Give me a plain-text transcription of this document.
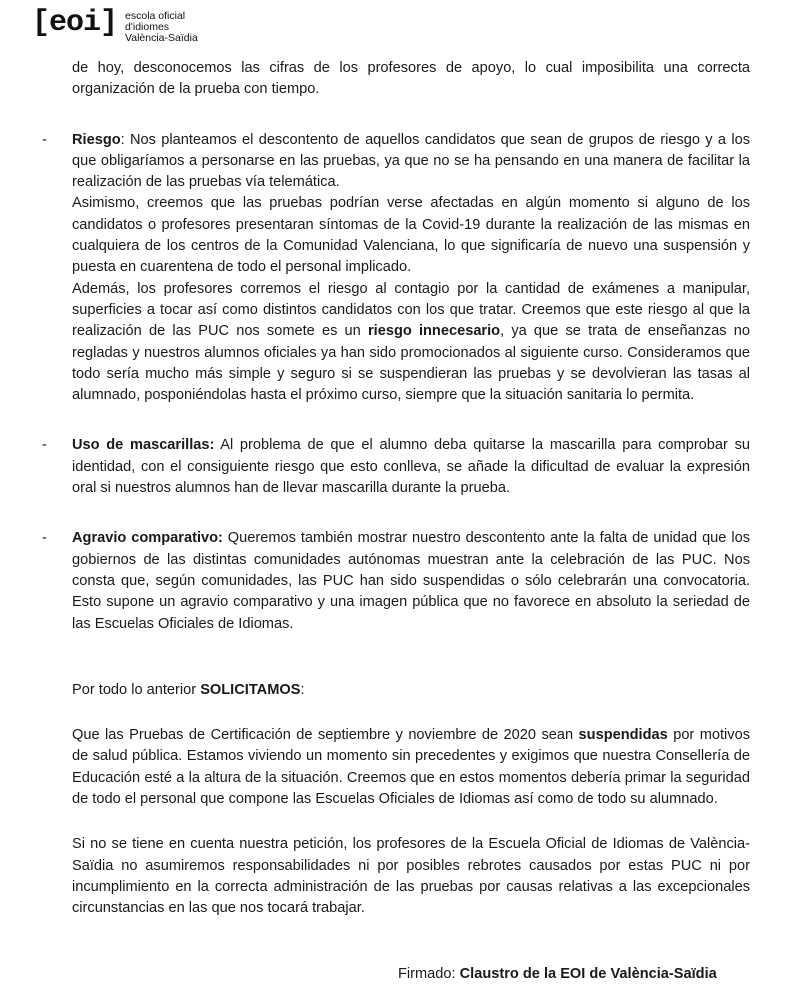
[eoi] escola oficial
d'idiomes
València-Saïdia

de hoy, desconocemos las cifras de los profesores de apoyo, lo cual imposibilita una correcta organización de la prueba con tiempo.

- Riesgo: Nos planteamos el descontento de aquellos candidatos que sean de grupos de riesgo y a los que obligaríamos a personarse en las pruebas, ya que no se ha pensando en una manera de facilitar la realización de las pruebas vía telemática.

Asimismo, creemos que las pruebas podrían verse afectadas en algún momento si alguno de los candidatos o profesores presentaran síntomas de la Covid-19 durante la realización de las mismas en cualquiera de los centros de la Comunidad Valenciana, lo que significaría de nuevo una suspensión y puesta en cuarentena de todo el personal implicado.

Además, los profesores corremos el riesgo al contagio por la cantidad de exámenes a manipular, superficies a tocar así como distintos candidatos con los que tratar. Creemos que este riesgo al que la realización de las PUC nos somete es un riesgo innecesario, ya que se trata de enseñanzas no regladas y nuestros alumnos oficiales ya han sido promocionados al siguiente curso. Consideramos que todo sería mucho más simple y seguro si se suspendieran las pruebas y se devolvieran las tasas al alumnado, posponiéndolas hasta el próximo curso, siempre que la situación sanitaria lo permita.

- Uso de mascarillas: Al problema de que el alumno deba quitarse la mascarilla para comprobar su identidad, con el consiguiente riesgo que esto conlleva, se añade la dificultad de evaluar la expresión oral si nuestros alumnos han de llevar mascarilla durante la prueba.

- Agravio comparativo: Queremos también mostrar nuestro descontento ante la falta de unidad que los gobiernos de las distintas comunidades autónomas muestran ante la celebración de las PUC. Nos consta que, según comunidades, las PUC han sido suspendidas o sólo celebrarán una convocatoria. Esto supone un agravio comparativo y una imagen pública que no favorece en absoluto la seriedad de las Escuelas Oficiales de Idiomas.

Por todo lo anterior SOLICITAMOS:

Que las Pruebas de Certificación de septiembre y noviembre de 2020 sean suspendidas por motivos de salud pública. Estamos viviendo un momento sin precedentes y exigimos que nuestra Consellería de Educación esté a la altura de la situación. Creemos que en estos momentos debería primar la seguridad de todo el personal que compone las Escuelas Oficiales de Idiomas así como de todo su alumnado.

Si no se tiene en cuenta nuestra petición, los profesores de la Escuela Oficial de Idiomas de València-Saïdia no asumiremos responsabilidades ni por posibles rebrotes causados por estas PUC ni por incumplimiento en la correcta administración de las pruebas por causas relativas a las excepcionales circunstancias en las que nos tocará trabajar.

Firmado: Claustro de la EOI de València-Saïdia
